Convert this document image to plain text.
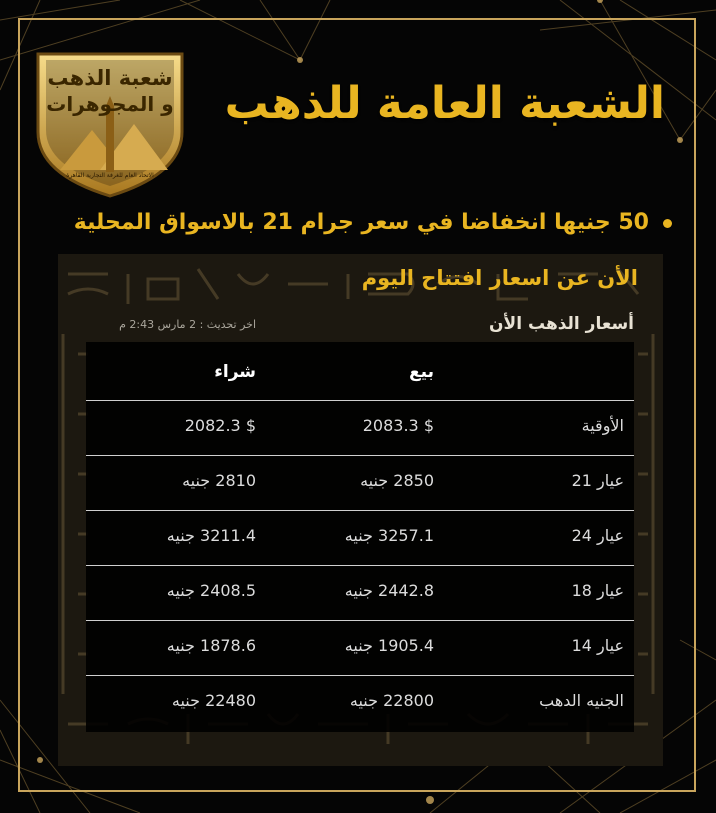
شعبة الذهب
و المجوهرات
الاتحاد العام للغرفة التجارية القاهرة
الشعبة العامة للذهب
50 جنيها انخفاضا في سعر جرام 21 بالاسواق المحلية
الأن عن اسعار افتتاح اليوم
أسعار الذهب الأن
اخر تحديث : 2 مارس 2:43 م
بيع
شراء
الأوقية
$ 2083.3
$ 2082.3
عيار 21
2850 جنيه
2810 جنيه
عيار 24
3257.1 جنيه
3211.4 جنيه
عيار 18
2442.8 جنيه
2408.5 جنيه
عيار 14
1905.4 جنيه
1878.6 جنيه
الجنيه الدهب
22800 جنيه
22480 جنيه
